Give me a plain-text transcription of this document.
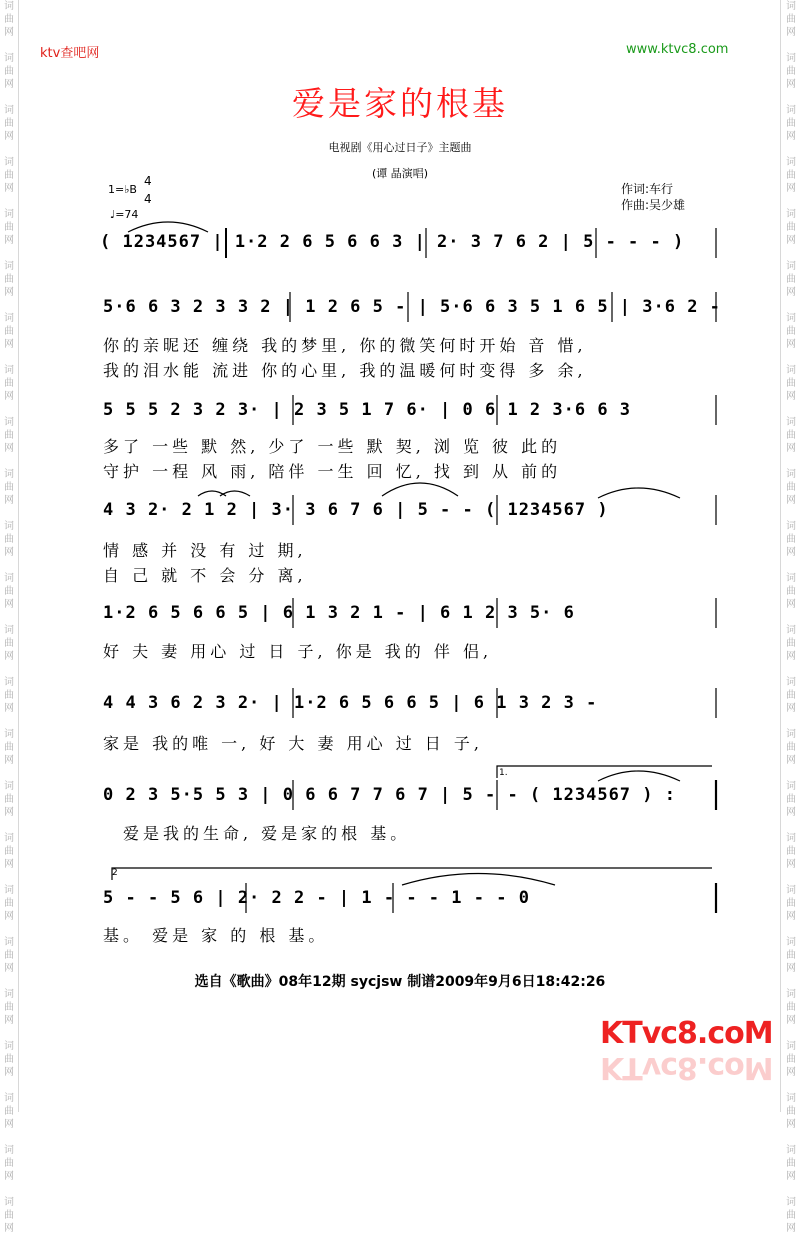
词
曲
网

词
曲
网

词
曲
网

词
曲
网

词
曲
网

词
曲
网

词
曲
网

词
曲
网

词
曲
网

词
曲
网

词
曲
网

词
曲
网

词
曲
网

词
曲
网

词
曲
网

词
曲
网

词
曲
网

词
曲
网

词
曲
网

词
曲
网

词
曲
网

词
曲
网

词
曲
网

词
曲
网

词
曲
网

词
曲
网

词
曲
网

词
曲
网

词
曲
网

词
曲
网

词
曲
网

词
曲
网

词
曲
网

词
曲
网

词
曲
网

词
曲
网

词
曲
网

词
曲
网

词
曲
网

词
曲
网

词
曲
网

词
曲
网

词
曲
网

词
曲
网

词
曲
网

词
曲
网

词
曲
网

词
曲
网

ktv查吧网	www.ktvc8.com
爱是家的根基
电视剧《用心过日子》主题曲
(谭 晶演唱)
1=♭B
4
4
♩=74
作词:车行
作曲:吴少雄
( 1234567 | 1·2 2 6 5 6 6 3 | 2· 3 7 6 2 | 5 - - - )
5·6 6 3 2 3 3 2 | 1 2 6 5 - | 5·6 6 3 5 1 6 5 | 3·6 2 -
你的亲昵还 缠绕 我的梦里, 你的微笑何时开始 音 惜,
我的泪水能 流进 你的心里, 我的温暖何时变得 多 余,
5 5 5 2 3 2 3· | 2 3 5 1 7 6· | 0 6 1 2 3·6 6 3
多了 一些 默 然, 少了 一些 默 契, 浏 览 彼 此的
守护 一程 风 雨, 陪伴 一生 回 忆, 找 到 从 前的
4 3 2· 2 1 2 | 3· 3 6 7 6 | 5 - - ( 1234567 )
情 感 并 没 有 过 期,
自 己 就 不 会 分 离,
1·2 6 5 6 6 5 | 6 1 3 2 1 - | 6 1 2 3 5· 6
好 夫 妻 用心 过 日 子, 你是 我的 伴 侣,
4 4 3 6 2 3 2· | 1·2 6 5 6 6 5 | 6 1 3 2 3 -
家是 我的唯 一, 好 大 妻 用心 过 日 子,
1.
0 2 3 5·5 5 3 | 0 6 6 7 7 6 7 | 5 - - ( 1234567 ) :
爱是我的生命, 爱是家的根 基。
2
5 - - 5 6 | 2· 2 2 - | 1 - - - 1 - - 0
基。 爱是 家 的 根 基。
选自《歌曲》08年12期 sycjsw 制谱2009年9月6日18:42:26
KTvc8.coM
KTvc8.coM
